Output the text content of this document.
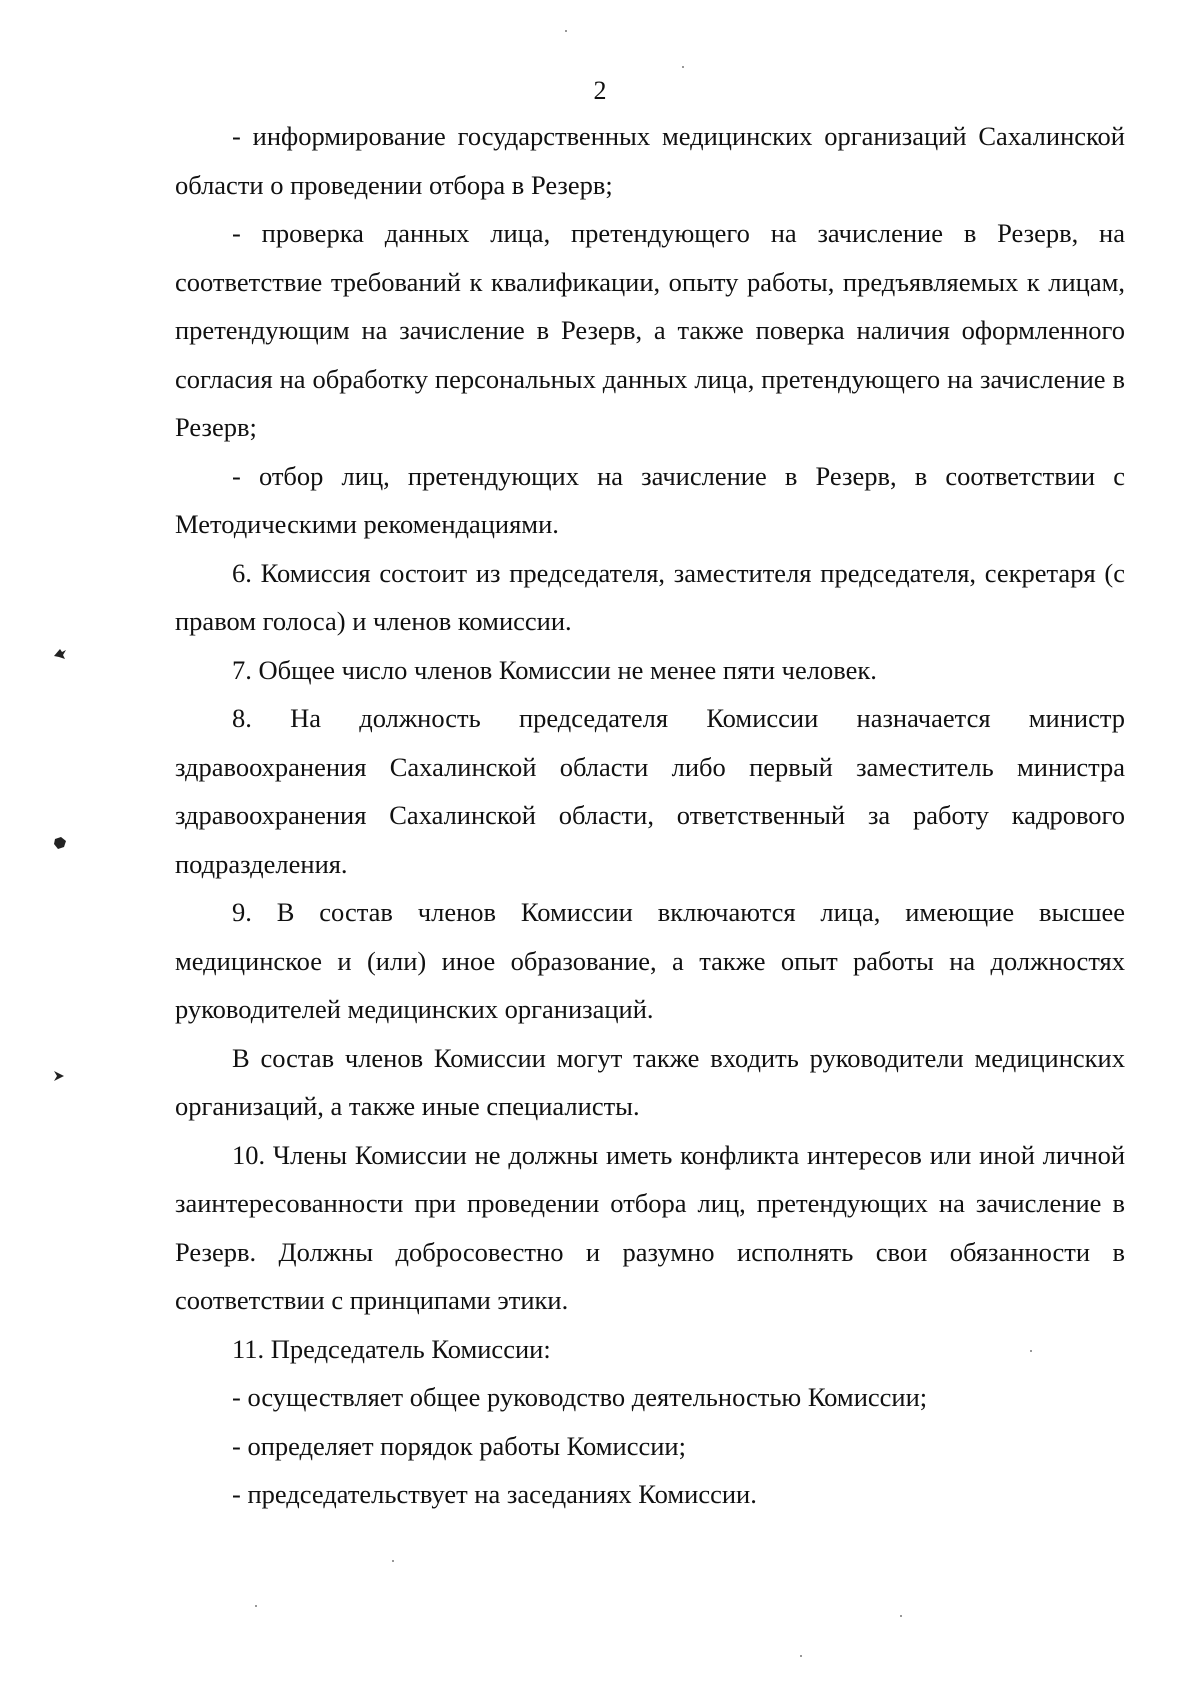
2

- информирование государственных медицинских организаций Сахалинской области о проведении отбора в Резерв;

- проверка данных лица, претендующего на зачисление в Резерв, на соответствие требований к квалификации, опыту работы, предъявляемых к лицам, претендующим на зачисление в Резерв, а также поверка наличия оформленного согласия на обработку персональных данных лица, претендующего на зачисление в Резерв;

- отбор лиц, претендующих на зачисление в Резерв, в соответствии с Методическими рекомендациями.

6. Комиссия состоит из председателя, заместителя председателя, секретаря (с правом голоса) и членов комиссии.

7. Общее число членов Комиссии не менее пяти человек.

8. На должность председателя Комиссии назначается министр здравоохранения Сахалинской области либо первый заместитель министра здравоохранения Сахалинской области, ответственный за работу кадрового подразделения.

9. В состав членов Комиссии включаются лица, имеющие высшее медицинское и (или) иное образование, а также опыт работы на должностях руководителей медицинских организаций.

В состав членов Комиссии могут также входить руководители медицинских организаций, а также иные специалисты.

10. Члены Комиссии не должны иметь конфликта интересов или иной личной заинтересованности при проведении отбора лиц, претендующих на зачисление в Резерв. Должны добросовестно и разумно исполнять свои обязанности в соответствии с принципами этики.

11. Председатель Комиссии:

- осуществляет общее руководство деятельностью Комиссии;

- определяет порядок работы Комиссии;

- председательствует на заседаниях Комиссии.
